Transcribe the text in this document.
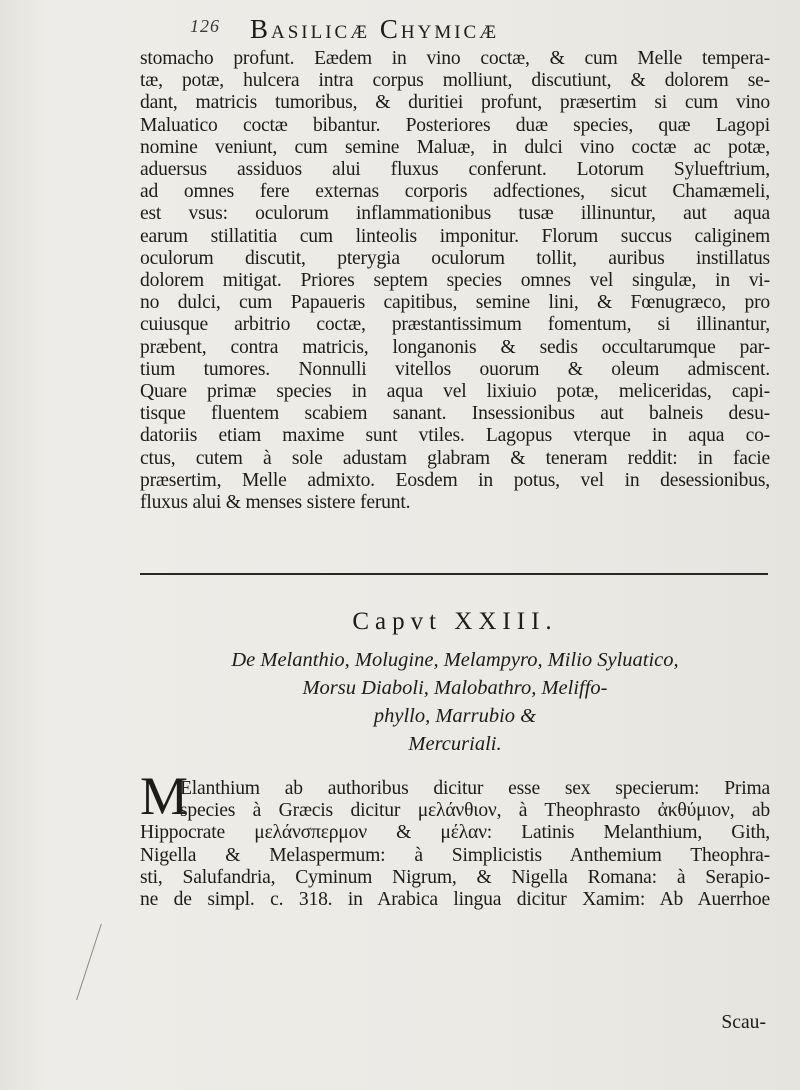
126 Basilicæ Chymicæ
stomacho profunt. Eædem in vino coctæ, & cum Melle tempera-
tæ, potæ, hulcera intra corpus molliunt, discutiunt, & dolorem se-
dant, matricis tumoribus, & duritiei profunt, præsertim si cum vino
Maluatico coctæ bibantur. Posteriores duæ species, quæ Lagopi
nomine veniunt, cum semine Maluæ, in dulci vino coctæ ac potæ,
aduersus assiduos alui fluxus conferunt. Lotorum Sylueftrium,
ad omnes fere externas corporis adfectiones, sicut Chamæmeli,
est vsus: oculorum inflammationibus tusæ illinuntur, aut aqua
earum stillatitia cum linteolis imponitur. Florum succus caliginem
oculorum discutit, pterygia oculorum tollit, auribus instillatus
dolorem mitigat. Priores septem species omnes vel singulæ, in vi-
no dulci, cum Papaueris capitibus, semine lini, & Fœnugræco, pro
cuiusque arbitrio coctæ, præstantissimum fomentum, si illinantur,
præbent, contra matricis, longanonis & sedis occultarumque par-
tium tumores. Nonnulli vitellos ouorum & oleum admiscent.
Quare primæ species in aqua vel lixiuio potæ, meliceridas, capi-
tisque fluentem scabiem sanant. Insessionibus aut balneis desu-
datoriis etiam maxime sunt vtiles. Lagopus vterque in aqua co-
ctus, cutem à sole adustam glabram & teneram reddit: in facie
præsertim, Melle admixto. Eosdem in potus, vel in desessionibus,
fluxus alui & menses sistere ferunt.
Capvt XXIII.
De Melanthio, Molugine, Melampyro, Milio Syluatico,
Morsu Diaboli, Malobathro, Meliffo-
phyllo, Marrubio &
Mercuriali.
M
Elanthium ab authoribus dicitur esse sex specierum: Prima
species à Græcis dicitur μελάνθιον, à Theophrasto ἀκθύμιον, ab
Hippocrate μελάνσπερμον & μέλαν: Latinis Melanthium, Gith,
Nigella & Melaspermum: à Simplicistis Anthemium Theophra-
sti, Salufandria, Cyminum Nigrum, & Nigella Romana: à Serapio-
ne de simpl. c. 318. in Arabica lingua dicitur Xamim: Ab Auerrhoe
Scau-
